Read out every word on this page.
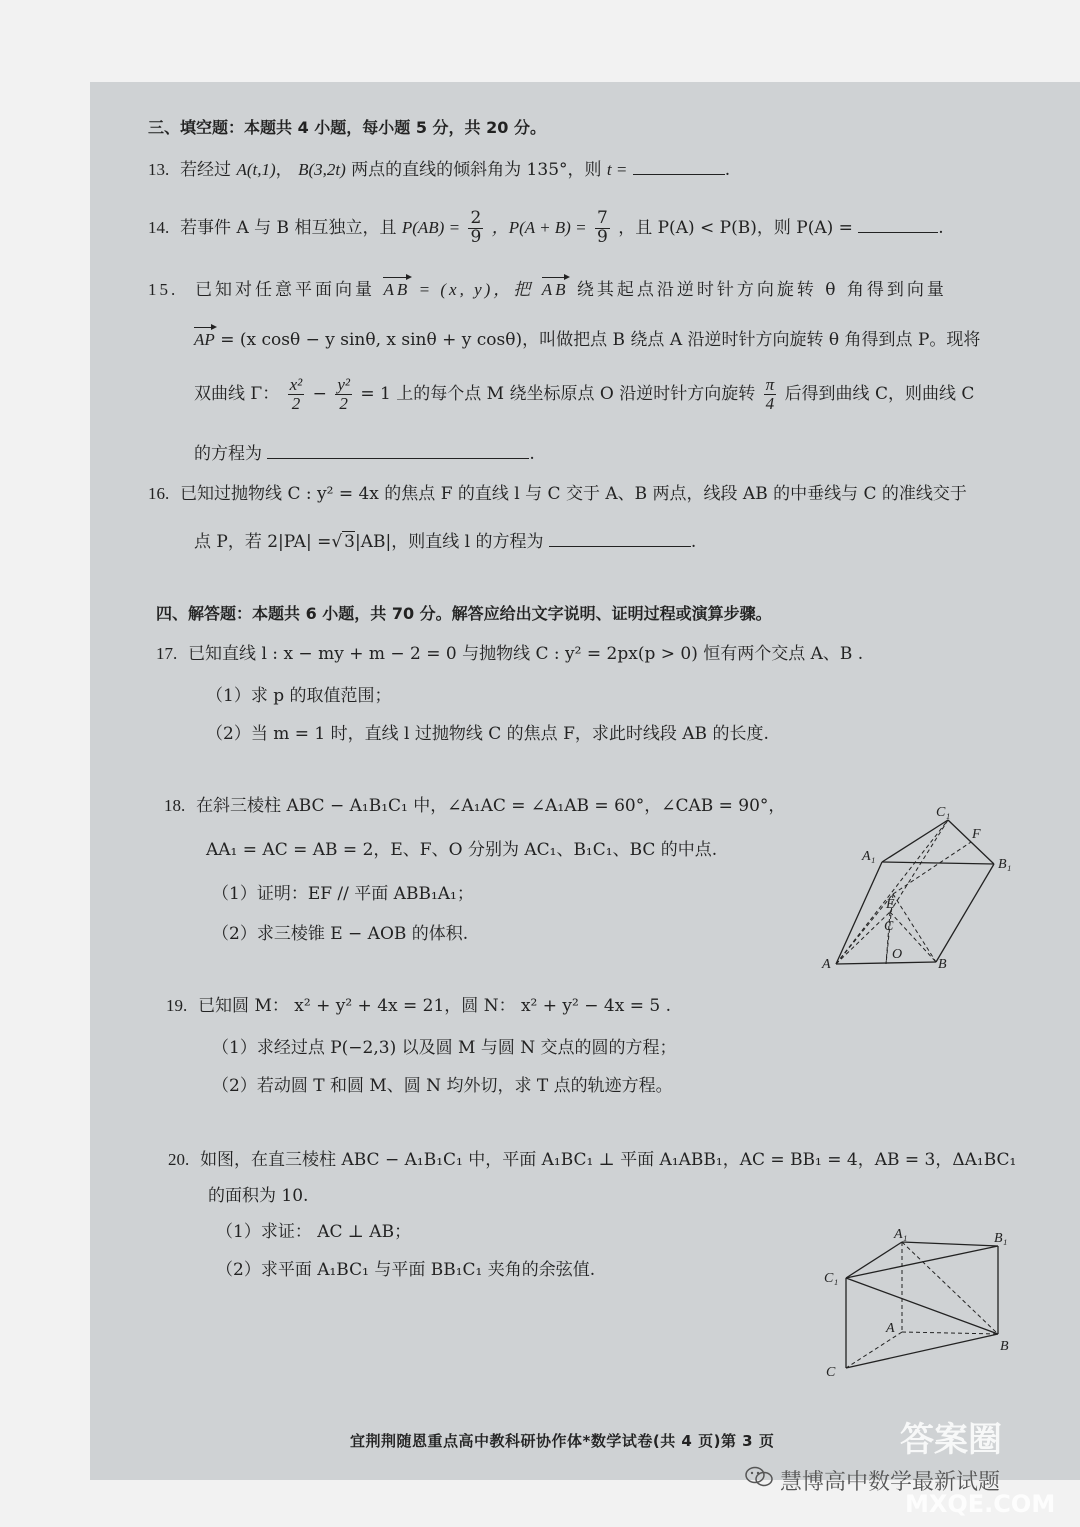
三、填空题：本题共 4 小题，每小题 5 分，共 20 分。
13. 若经过 A(t,1)， B(3,2t) 两点的直线的倾斜角为 135°，则 t =	.
14. 若事件 A 与 B 相互独立，且 $P(AB) = \frac{2}{9}$ ，$P(A + B) = \frac{7}{9}$ ，且 P(A) < P(B)，则 P(A) =	.
15. 已知对任意平面向量 AB = (x, y)，把 AB 绕其起点沿逆时针方向旋转 θ 角得到向量
AP = (x cosθ − y sinθ, x sinθ + y cosθ)，叫做把点 B 绕点 A 沿逆时针方向旋转 θ 角得到点 P。现将
双曲线 Γ： $\frac{\text{x²}}{2} - \frac{\text{y²}}{2} = 1$ 上的每个点 M 绕坐标原点 O 沿逆时针方向旋转 $\frac{\pi}{4}$ 后得到曲线 C，则曲线 C
的方程为	.
16. 已知过抛物线 C : y² = 4x 的焦点 F 的直线 l 与 C 交于 A、B 两点，线段 AB 的中垂线与 C 的准线交于
点 P，若 2|PA| =√ 3|AB|，则直线 l 的方程为	.
四、解答题：本题共 6 小题，共 70 分。解答应给出文字说明、证明过程或演算步骤。
17. 已知直线 l : x − my + m − 2 = 0 与抛物线 C : y² = 2px(p > 0) 恒有两个交点 A、B .
（1）求 p 的取值范围；
（2）当 m = 1 时，直线 l 过抛物线 C 的焦点 F，求此时线段 AB 的长度.
18. 在斜三棱柱 ABC − A₁B₁C₁ 中，∠A₁AC = ∠A₁AB = 60°，∠CAB = 90°，
AA₁ = AC = AB = 2，E、F、O 分别为 AC₁、B₁C₁、BC 的中点.
（1）证明：EF // 平面 ABB₁A₁；
（2）求三棱锥 E − AOB 的体积.
C₁
F
A₁
B₁
E
C
O
A	B
19. 已知圆 M： x² + y² + 4x = 21，圆 N： x² + y² − 4x = 5 .
（1）求经过点 P(−2,3) 以及圆 M 与圆 N 交点的圆的方程；
（2）若动圆 T 和圆 M、圆 N 均外切，求 T 点的轨迹方程。
20. 如图，在直三棱柱 ABC − A₁B₁C₁ 中，平面 A₁BC₁ ⊥ 平面 A₁ABB₁，AC = BB₁ = 4，AB = 3，ΔA₁BC₁
的面积为 10.
（1）求证： AC ⊥ AB；
（2）求平面 A₁BC₁ 与平面 BB₁C₁ 夹角的余弦值.
A₁	B₁
C₁
A
B
C
宜荆荆随恩重点高中教科研协作体*数学试卷(共 4 页)第 3 页
慧博高中数学最新试题
答案圈
MXQE.COM
